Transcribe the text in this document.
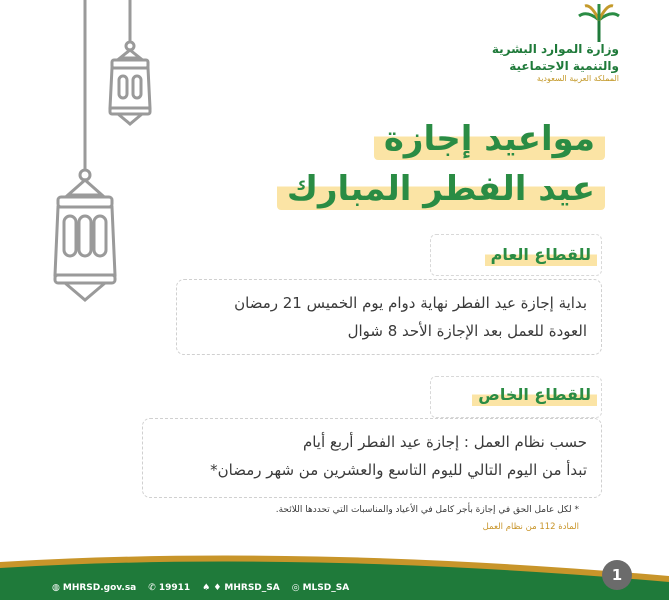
وزارة الموارد البشرية
والتنمية الاجتماعية
المملكة العربية السعودية
مواعيد إجازة
عيد الفطر المبارك
للقطاع العام

بداية إجازة عيد الفطر نهاية دوام يوم الخميس 21 رمضان

العودة للعمل بعد الإجازة الأحد 8 شوال

للقطاع الخاص

حسب نظام العمل : إجازة عيد الفطر أربع أيام

تبدأ من اليوم التالي لليوم التاسع والعشرين من شهر رمضان*

* لكل عامل الحق في إجازة بأجر كامل في الأعياد والمناسبات التي تحددها اللائحة.
المادة 112 من نظام العمل
◍ MHRSD.gov.sa ✆ 19911 ♠ ♦ MHRSD_SA ◎ MLSD_SA
1
